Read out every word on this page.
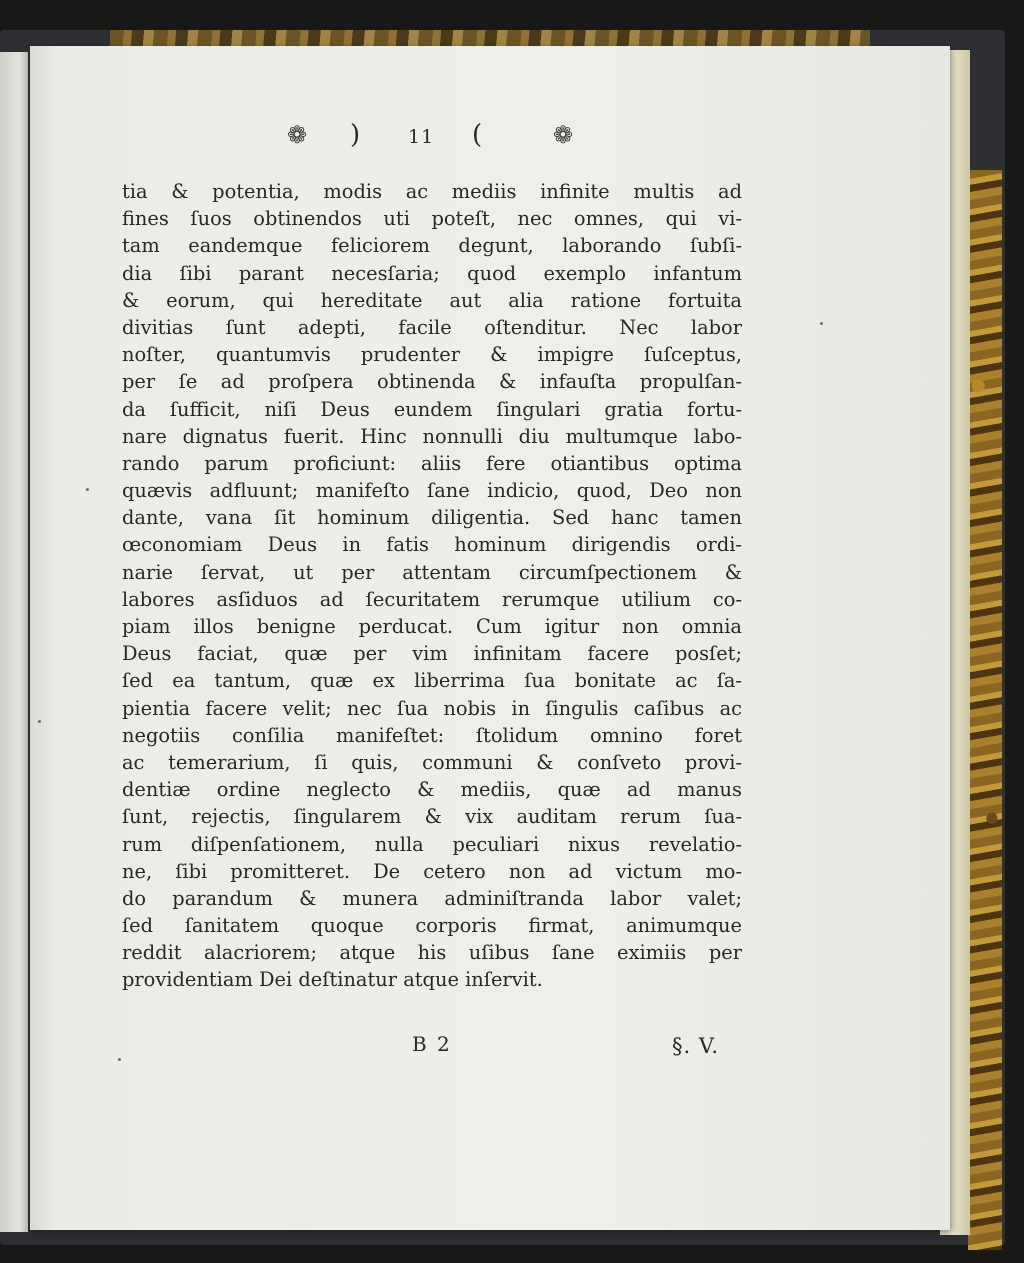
❁ )	11 (	❁
tia & potentia, modis ac mediis infinite multis ad
fines ſuos obtinendos uti poteſt, nec omnes, qui vi-
tam eandemque feliciorem degunt, laborando ſubſi-
dia ſibi parant necesſaria; quod exemplo infantum
& eorum, qui hereditate aut alia ratione fortuita
divitias ſunt adepti, facile oſtenditur. Nec labor
noſter, quantumvis prudenter & impigre ſuſceptus,
per ſe ad proſpera obtinenda & infauſta propulſan-
da ſufficit, niſi Deus eundem ſingulari gratia fortu-
nare dignatus fuerit. Hinc nonnulli diu multumque labo-
rando parum proficiunt: aliis fere otiantibus optima
quævis adfluunt; manifeſto ſane indicio, quod, Deo non
dante, vana ſit hominum diligentia. Sed hanc tamen
œconomiam Deus in fatis hominum dirigendis ordi-
narie ſervat, ut per attentam circumſpectionem &
labores asſiduos ad ſecuritatem rerumque utilium co-
piam illos benigne perducat. Cum igitur non omnia
Deus faciat, quæ per vim infinitam facere posſet;
ſed ea tantum, quæ ex liberrima ſua bonitate ac ſa-
pientia facere velit; nec ſua nobis in ſingulis caſibus ac
negotiis conſilia manifeſtet: ſtolidum omnino foret
ac temerarium, ſi quis, communi & conſveto provi-
dentiæ ordine neglecto & mediis, quæ ad manus
ſunt, rejectis, ſingularem & vix auditam rerum ſua-
rum diſpenſationem, nulla peculiari nixus revelatio-
ne, ſibi promitteret. De cetero non ad victum mo-
do parandum & munera adminiſtranda labor valet;
ſed ſanitatem quoque corporis firmat, animumque
reddit alacriorem; atque his uſibus ſane eximiis per
providentiam Dei deſtinatur atque inſervit.
B 2	§. V.
